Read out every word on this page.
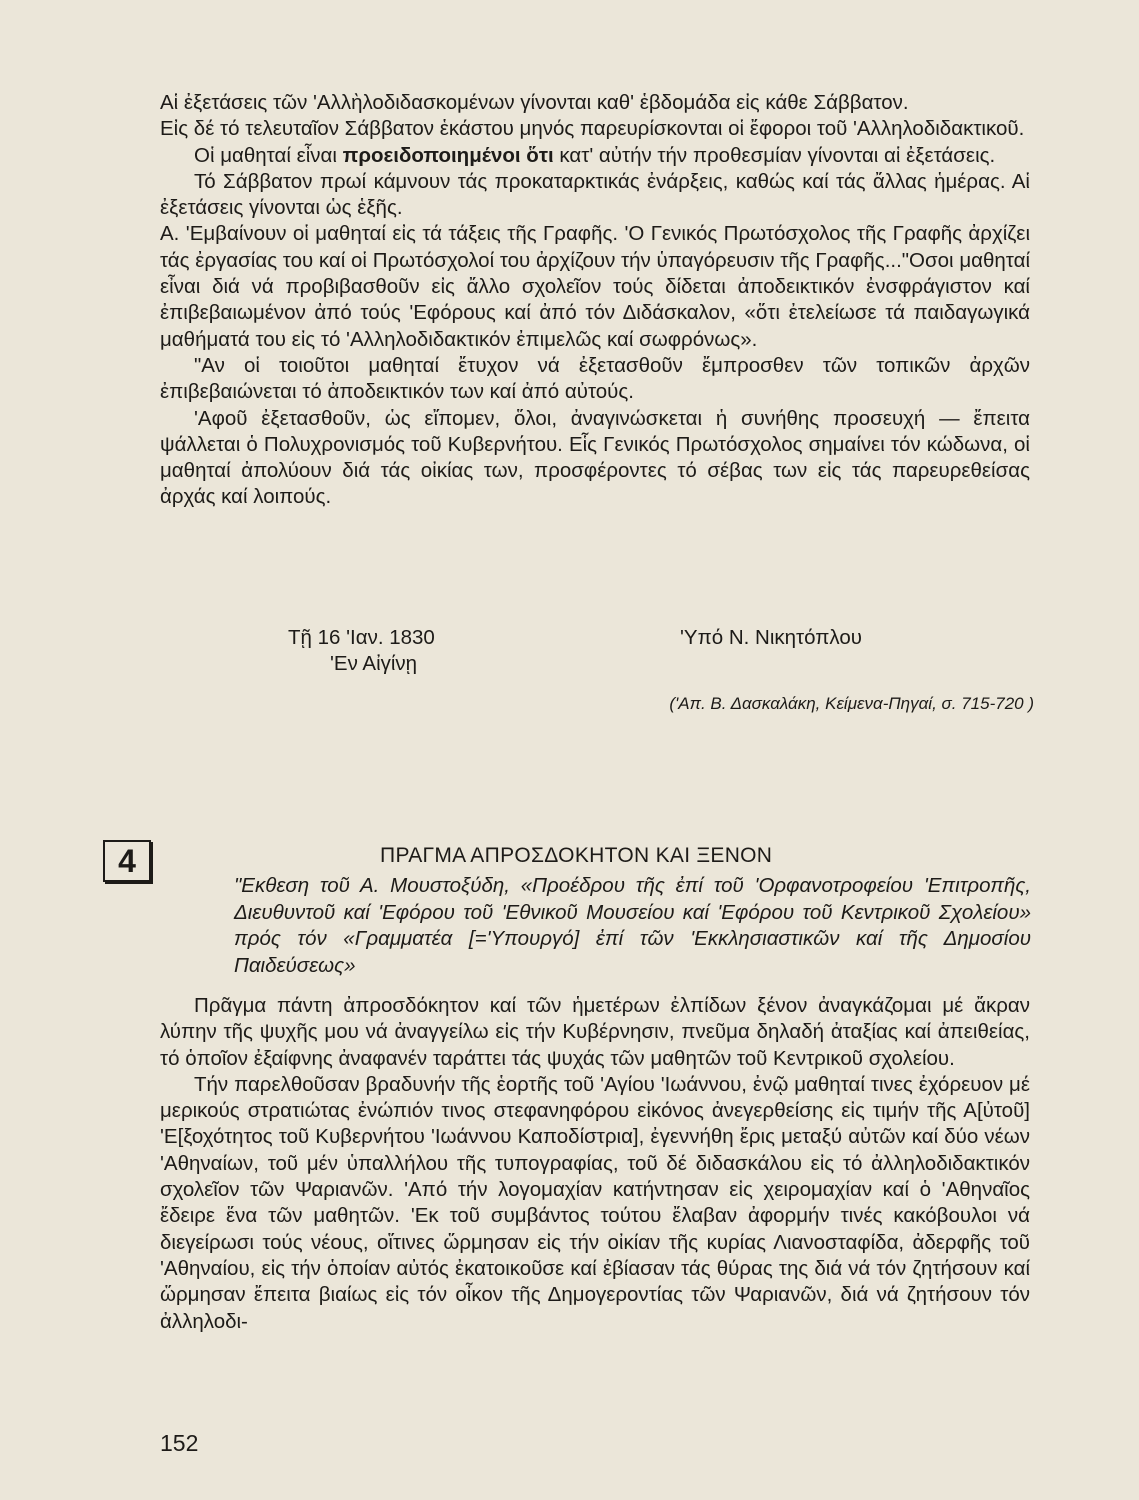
Αἱ ἐξετάσεις τῶν 'Αλλὴλοδιδασκομένων γίνονται καθ' ἑβδομάδα εἰς κάθε Σάββατον.

Εἰς δέ τό τελευταῖον Σάββατον ἑκάστου μηνός παρευρίσκονται οἱ ἔφοροι τοῦ 'Αλληλοδιδακτικοῦ.

Οἱ μαθηταί εἶναι προειδοποιημένοι ὅτι κατ' αὐτήν τήν προθεσμίαν γίνονται αἱ ἐξετάσεις.

Τό Σάββατον πρωί κάμνουν τάς προκαταρκτικάς ἐνάρξεις, καθώς καί τάς ἄλλας ἡμέρας. Αἱ ἐξετάσεις γίνονται ὡς ἑξῆς.

Α. 'Εμβαίνουν οἱ μαθηταί εἰς τά τάξεις τῆς Γραφῆς. 'Ο Γενικός Πρωτόσχολος τῆς Γραφῆς ἀρχίζει τάς ἐργασίας του καί οἱ Πρωτόσχολοί του ἀρχίζουν τήν ὑπαγόρευσιν τῆς Γραφῆς..."Οσοι μαθηταί εἶναι διά νά προβιβασθοῦν εἰς ἄλλο σχολεῖον τούς δίδεται ἀποδεικτικόν ἐνσφράγιστον καί ἐπιβεβαιωμένον ἀπό τούς 'Εφόρους καί ἀπό τόν Διδάσκαλον, «ὅτι ἐτελείωσε τά παιδαγωγικά μαθήματά του εἰς τό 'Αλληλοδιδακτικόν ἐπιμελῶς καί σωφρόνως».

"Αν οἱ τοιοῦτοι μαθηταί ἔτυχον νά ἐξετασθοῦν ἔμπροσθεν τῶν τοπικῶν ἀρχῶν ἐπιβεβαιώνεται τό ἀποδεικτικόν των καί ἀπό αὐτούς.

'Αφοῦ ἐξετασθοῦν, ὡς εἴπομεν, ὅλοι, ἀναγινώσκεται ἡ συνήθης προσευχή — ἔπειτα ψάλλεται ὁ Πολυχρονισμός τοῦ Κυβερνήτου. Εἷς Γενικός Πρωτόσχολος σημαίνει τόν κώδωνα, οἱ μαθηταί ἀπολύουν διά τάς οἰκίας των, προσφέροντες τό σέβας των εἰς τάς παρευρεθείσας ἀρχάς καί λοιπούς.

Τῇ 16 'Ιαν. 1830
'Εν Αἰγίνῃ
'Υπό Ν. Νικητόπλου
('Απ. Β. Δασκαλάκη, Κείμενα-Πηγαί, σ. 715-720 )
4	ΠΡΑΓΜΑ ΑΠΡΟΣΔΟΚΗΤΟΝ ΚΑΙ ΞΕΝΟΝ
"Εκθεση τοῦ Α. Μουστοξύδη, «Προέδρου τῆς ἐπί τοῦ 'Ορφανοτροφείου 'Επιτροπῆς, Διευθυντοῦ καί 'Εφόρου τοῦ 'Εθνικοῦ Μουσείου καί 'Εφόρου τοῦ Κεντρικοῦ Σχολείου» πρός τόν «Γραμματέα [='Υπουργό] ἐπί τῶν 'Εκκλησιαστικῶν καί τῆς Δημοσίου Παιδεύσεως»

Πρᾶγμα πάντη ἀπροσδόκητον καί τῶν ἡμετέρων ἐλπίδων ξένον ἀναγκάζομαι μέ ἄκραν λύπην τῆς ψυχῆς μου νά ἀναγγείλω εἰς τήν Κυβέρνησιν, πνεῦμα δηλαδή ἀταξίας καί ἀπειθείας, τό ὁποῖον ἐξαίφνης ἀναφανέν ταράττει τάς ψυχάς τῶν μαθητῶν τοῦ Κεντρικοῦ σχολείου.

Τήν παρελθοῦσαν βραδυνήν τῆς ἑορτῆς τοῦ 'Αγίου 'Ιωάννου, ἐνῷ μαθηταί τινες ἐχόρευον μέ μερικούς στρατιώτας ἐνώπιόν τινος στεφανηφόρου εἰκόνος ἀνεγερθείσης εἰς τιμήν τῆς Α[ὐτοῦ] 'Ε[ξοχότητος τοῦ Κυβερνήτου 'Ιωάννου Καποδίστρια], ἐγεννήθη ἔρις μεταξύ αὐτῶν καί δύο νέων 'Αθηναίων, τοῦ μέν ὑπαλλήλου τῆς τυπογραφίας, τοῦ δέ διδασκάλου εἰς τό ἀλληλοδιδακτικόν σχολεῖον τῶν Ψαριανῶν. 'Από τήν λογομαχίαν κατήντησαν εἰς χειρομαχίαν καί ὁ 'Αθηναῖος ἔδειρε ἕνα τῶν μαθητῶν. 'Εκ τοῦ συμβάντος τούτου ἔλαβαν ἀφορμήν τινές κακόβουλοι νά διεγείρωσι τούς νέους, οἵτινες ὥρμησαν εἰς τήν οἰκίαν τῆς κυρίας Λιανοσταφίδα, ἀδερφῆς τοῦ 'Αθηναίου, εἰς τήν ὁποίαν αὐτός ἐκατοικοῦσε καί ἐβίασαν τάς θύρας της διά νά τόν ζητήσουν καί ὥρμησαν ἔπειτα βιαίως εἰς τόν οἶκον τῆς Δημογεροντίας τῶν Ψαριανῶν, διά νά ζητήσουν τόν ἀλληλοδι-

152
